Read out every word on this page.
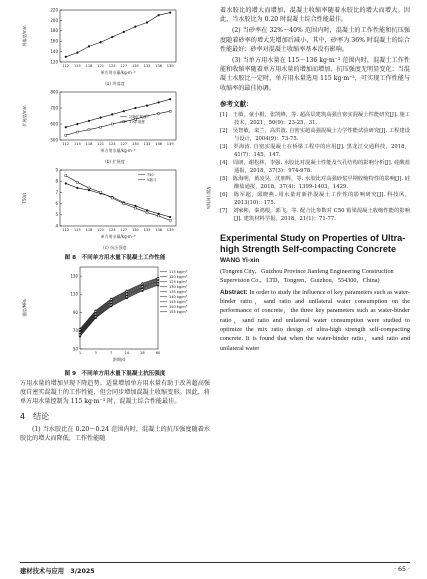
120
140
160
180
200
220
112 115 118 121 124 127 130 133 136 139
单方用水量/kg·m⁻³
坍落度/mm
(a) 坍落度
500
600
700
800
112 115 118 121 124 127 130 133 136 139
单方用水量/kg·m⁻³
扩展度/mm	初始扩展度
1 h扩展度
(b) 扩展度
4
5
6
7
8
9
112 115 118 121 124 127 130 133 136 139
单方用水量/kg·m⁻³
T50/s
T50
V漏斗
V漏斗时间/s
(c) 抗压强度
图 8　不同单方用水量下混凝土工作性能
50
70
90
110
130
1	3	7	14	28	60
龄期/d
强度/MPa
115 kg/m³
120 kg/m³
125 kg/m³
130 kg/m³
135 kg/m³
140 kg/m³
145 kg/m³
150 kg/m³
155 kg/m³
图 9　不同单方用水量下混凝土抗压强度

方用水量的增加呈现下降趋势。适量增加单方用水量有助于改善超高强度自密实混凝土的工作性能，但会同步增加混凝土收缩变形。因此，将单方用水量控制为 115 kg·m⁻³ 时，混凝土综合性能最佳。

4　结论

(1) 当水胶比在 0.20～0.24 范围内时，混凝土的抗压强度随着水胶比的增大而降低，工作性能随

着水胶比的增大而增加，混凝土收缩率随着水胶比的增大而增大。因此，当水胶比为 0.20 时混凝土综合性能最佳。

(2) 当砂率在 32%～40% 范围内时，混凝土的工作性能和抗压强度随着砂率的增大先增加后减小，其中，砂率为 36% 时混凝土的综合性能最好；砂率对混凝土收缩率基本没有影响。

(3) 当单方用水量在 115～136 kg·m⁻³ 范围内时，混凝土工作性能和收缩率随着单方用水量的增加而增加，抗压强度无明显变化；当混凝土水胶比一定时，单方用水量选用 115 kg·m⁻³，可实现工作性能与收缩率的最佳协调。

参考文献：

[1]　王敏，童小根，张凯峰，等. 超高层建筑高强自密实混凝土性能研究[J]. 施工技术，2021，50(9)：23-25，31.

[2]　吴智敏，栾兰，高洪波. 自密实超高强混凝土力学性能试验研究[J]. 工程建设与设计，2004(9)：73-75.

[3]　罗海涛. 自密实混凝土在桥梁工程中的应用[J]. 黑龙江交通科技，2018，41(7)：145，147.

[4]　周朗，谢松林，李强. 水胶比对混凝土性能及气孔结构的影响分析[J]. 硅酸盐通报，2018，37(3)：974-978.

[5]　陈海明，黄凌昊，沈朋辉，等. 水胶比对高强砂浆早期收缩特性的影响[J]. 硅酸盐通报，2018，37(4)：1399-1403，1429.

[6]　陈军超，邱晓燕. 用水量对新拌混凝土工作性的影响研究[J]. 科技风，2013(10)：175.

[7]　刘家彬，秦鸿根，郭飞，等. 配合比参数对 C50 箱梁混凝土收缩性能的影响[J]. 建筑材料学报，2018，21(1)：71-77.

Experimental Study on Properties of Ultra-high Strength Self-compacting Concrete
WANG Yi-xin
(Tongren City，Guizhou Province Jianfeng Engineering Construction Supervision Co.，LTD，Tongren，Guizhou，554300，China)

Abstract: In order to study the influence of key parameters such as water-binder ratio，sand ratio and unilateral water consumption on the performance of concrete，the three key parameters such as water-binder ratio，sand ratio and unilateral water consumption were studied to optimize the mix ratio design of ultra-high strength self-compacting concrete. It is found that when the water-binder ratio，sand ratio and unilateral water

建材技术与应用　3/2025	· 65 ·
